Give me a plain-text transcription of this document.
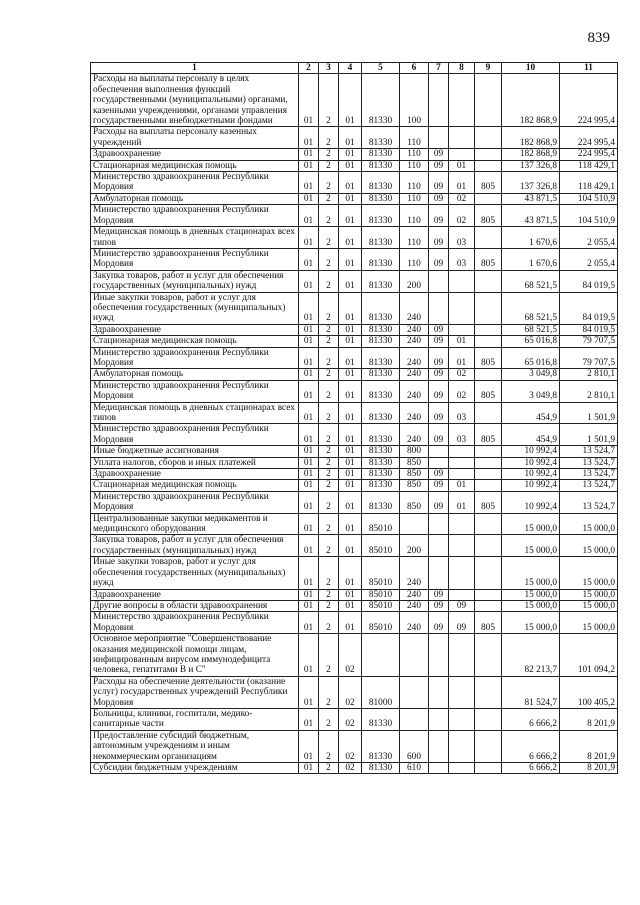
839
1	2	3	4	5	6	7	8	9	10	11
Расходы на выплаты персоналу в целях обеспечения выполнения функций государственными (муниципальными) органами, казенными учреждениями, органами управления государственными внебюджетными фондами	01	2	01	81330	100				182 868,9	224 995,4
Расходы на выплаты персоналу казенных учреждений	01	2	01	81330	110				182 868,9	224 995,4
Здравоохранение	01	2	01	81330	110	09			182 868,9	224 995,4
Стационарная медицинская помощь	01	2	01	81330	110	09	01		137 326,8	118 429,1
Министерство здравоохранения Республики Мордовия	01	2	01	81330	110	09	01	805	137 326,8	118 429,1
Амбулаторная помощь	01	2	01	81330	110	09	02		43 871,5	104 510,9
Министерство здравоохранения Республики Мордовия	01	2	01	81330	110	09	02	805	43 871,5	104 510,9
Медицинская помощь в дневных стационарах всех типов	01	2	01	81330	110	09	03		1 670,6	2 055,4
Министерство здравоохранения Республики Мордовия	01	2	01	81330	110	09	03	805	1 670,6	2 055,4
Закупка товаров, работ и услуг для обеспечения государственных (муниципальных) нужд	01	2	01	81330	200				68 521,5	84 019,5
Иные закупки товаров, работ и услуг для обеспечения государственных (муниципальных) нужд	01	2	01	81330	240				68 521,5	84 019,5
Здравоохранение	01	2	01	81330	240	09			68 521,5	84 019,5
Стационарная медицинская помощь	01	2	01	81330	240	09	01		65 016,8	79 707,5
Министерство здравоохранения Республики Мордовия	01	2	01	81330	240	09	01	805	65 016,8	79 707,5
Амбулаторная помощь	01	2	01	81330	240	09	02		3 049,8	2 810,1
Министерство здравоохранения Республики Мордовия	01	2	01	81330	240	09	02	805	3 049,8	2 810,1
Медицинская помощь в дневных стационарах всех типов	01	2	01	81330	240	09	03		454,9	1 501,9
Министерство здравоохранения Республики Мордовия	01	2	01	81330	240	09	03	805	454,9	1 501,9
Иные бюджетные ассигнования	01	2	01	81330	800				10 992,4	13 524,7
Уплата налогов, сборов и иных платежей	01	2	01	81330	850				10 992,4	13 524,7
Здравоохранение	01	2	01	81330	850	09			10 992,4	13 524,7
Стационарная медицинская помощь	01	2	01	81330	850	09	01		10 992,4	13 524,7
Министерство здравоохранения Республики Мордовия	01	2	01	81330	850	09	01	805	10 992,4	13 524,7
Централизованные закупки медикаментов и медицинского оборудования	01	2	01	85010					15 000,0	15 000,0
Закупка товаров, работ и услуг для обеспечения государственных (муниципальных) нужд	01	2	01	85010	200				15 000,0	15 000,0
Иные закупки товаров, работ и услуг для обеспечения государственных (муниципальных) нужд	01	2	01	85010	240				15 000,0	15 000,0
Здравоохранение	01	2	01	85010	240	09			15 000,0	15 000,0
Другие вопросы в области здравоохранения	01	2	01	85010	240	09	09		15 000,0	15 000,0
Министерство здравоохранения Республики Мордовия	01	2	01	85010	240	09	09	805	15 000,0	15 000,0
Основное мероприятие "Совершенствование оказания медицинской помощи лицам, инфицированным вирусом иммунодефицита человека, гепатитами В и С"	01	2	02						82 213,7	101 094,2
Расходы на обеспечение деятельности (оказание услуг) государственных учреждений Республики Мордовия	01	2	02	81000					81 524,7	100 405,2
Больницы, клиники, госпитали, медико-санитарные части	01	2	02	81330					6 666,2	8 201,9
Предоставление субсидий бюджетным, автономным учреждениям и иным некоммерческим организациям	01	2	02	81330	600				6 666,2	8 201,9
Субсидии бюджетным учреждениям	01	2	02	81330	610				6 666,2	8 201,9
